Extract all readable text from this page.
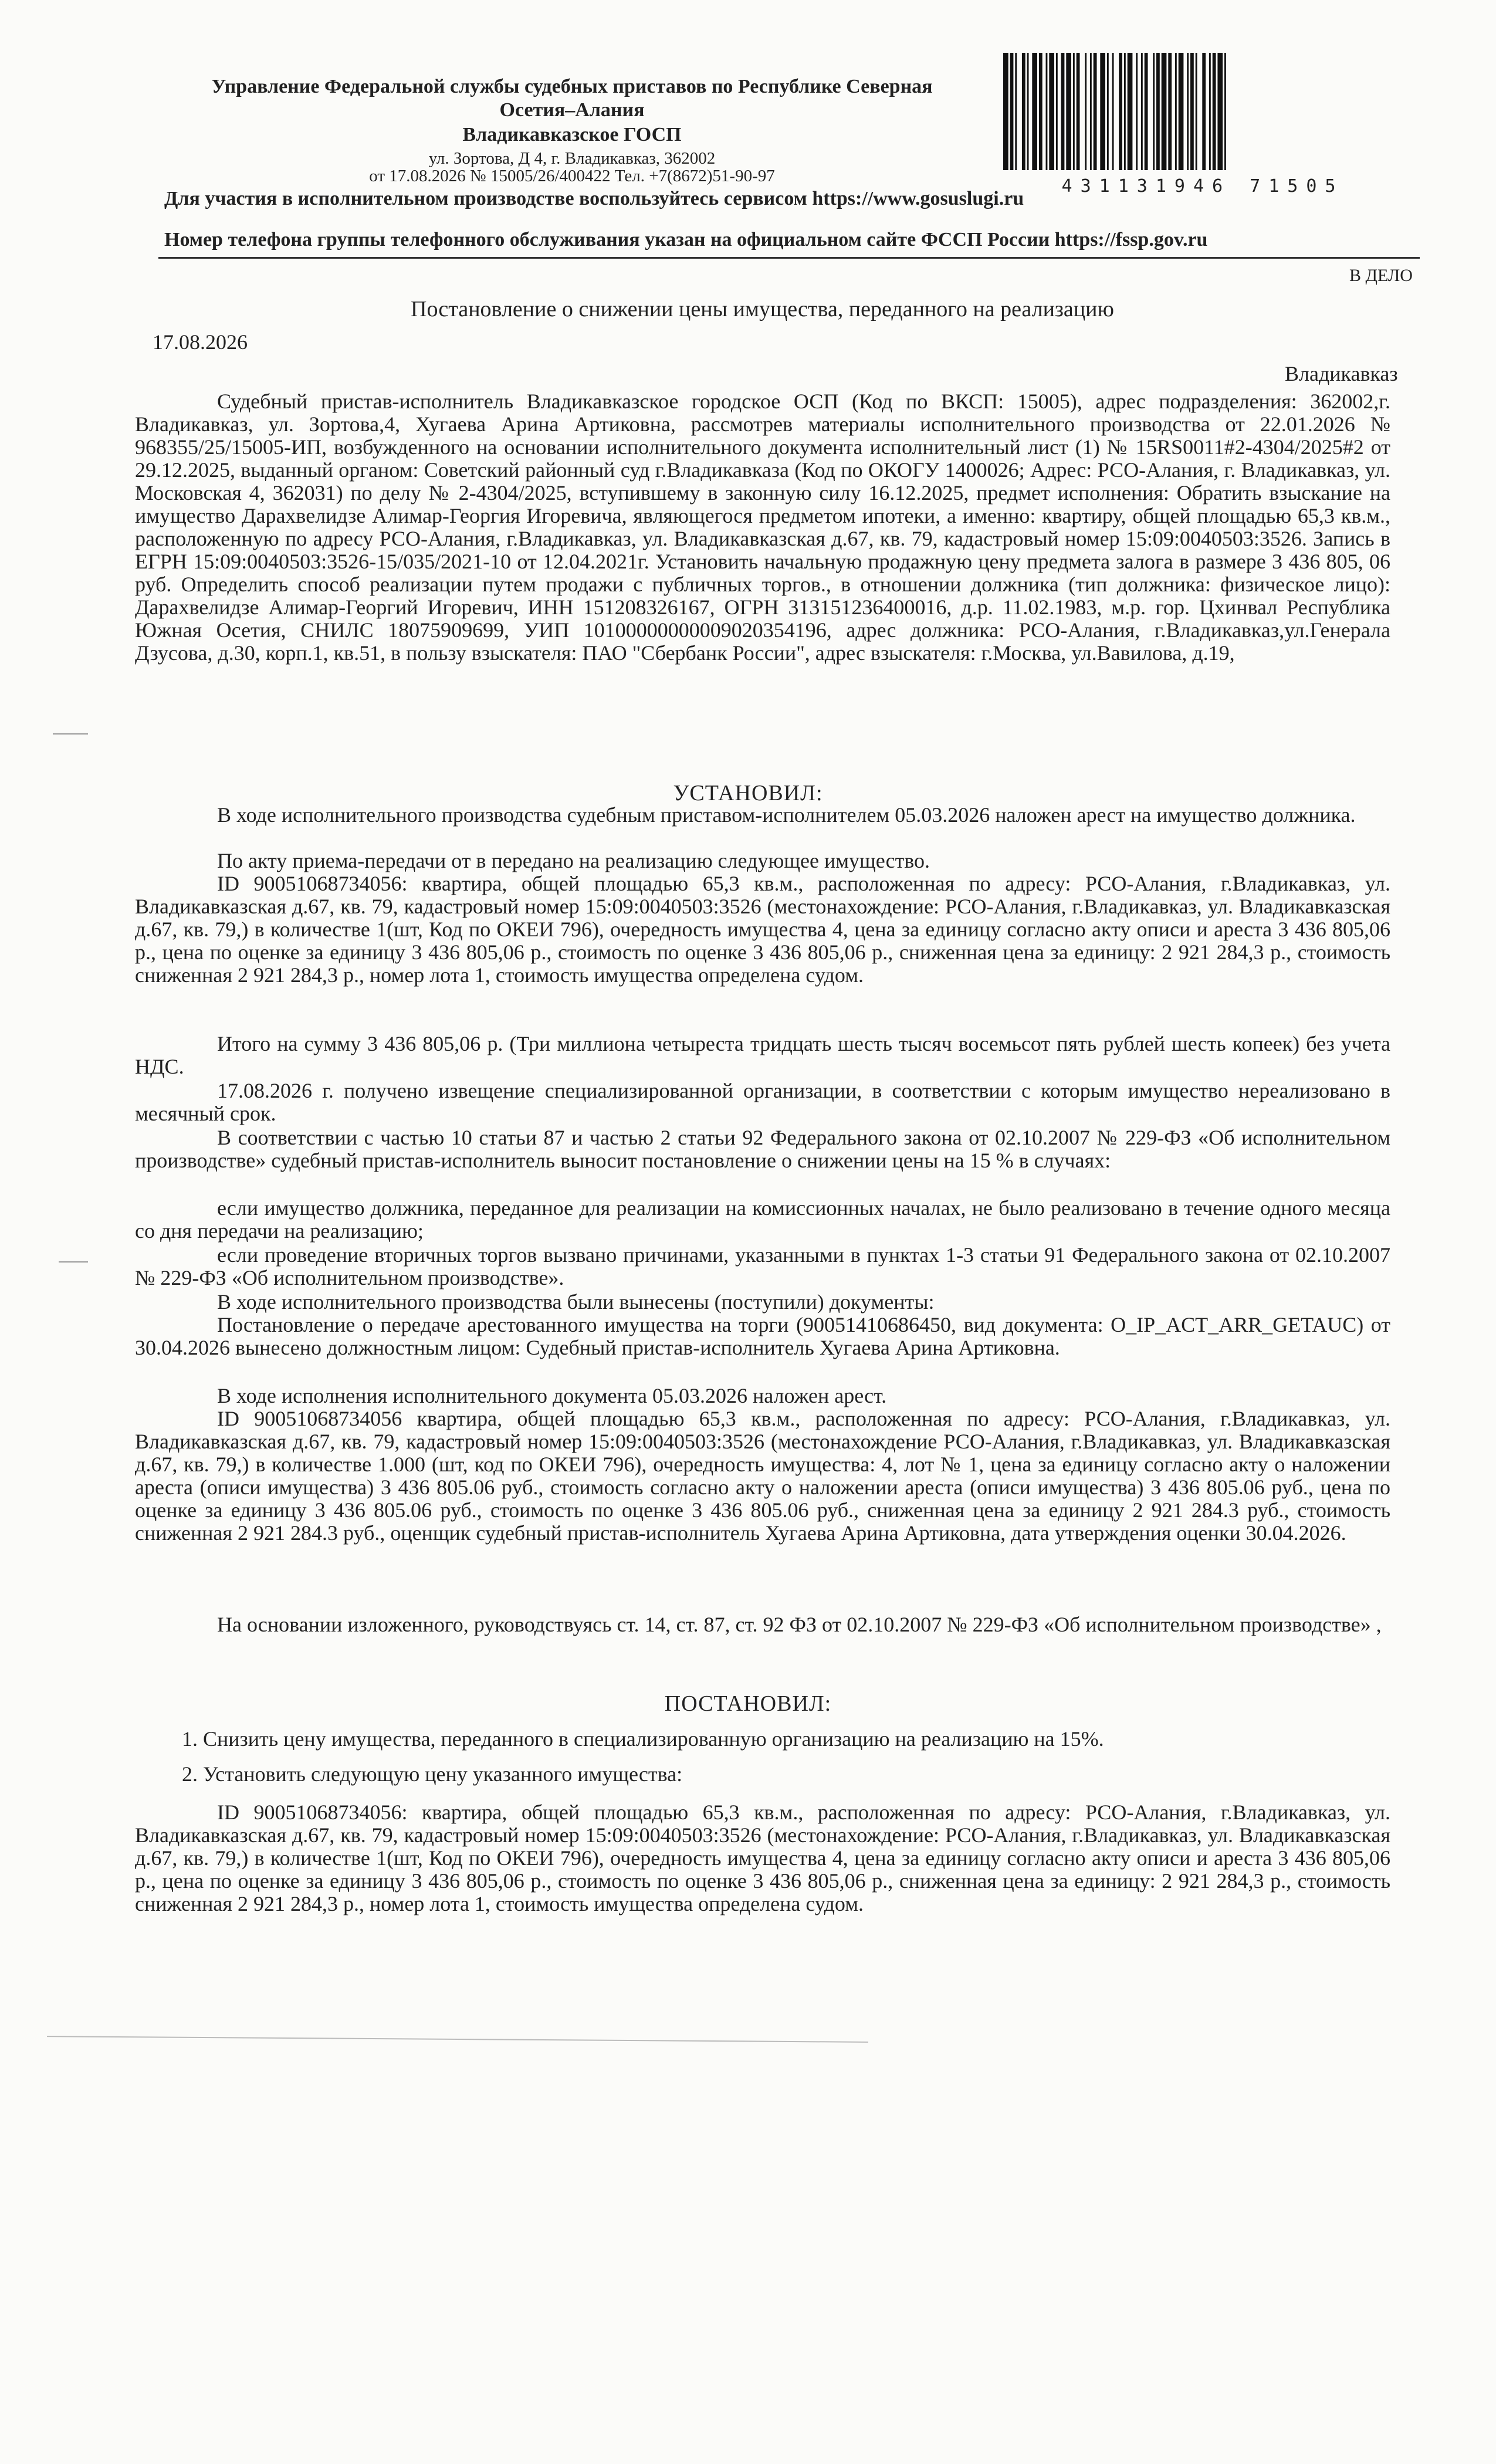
Управление Федеральной службы судебных приставов по Республике Северная
Осетия–Алания
Владикавказское ГОСП
ул. Зортова, Д 4, г. Владикавказ, 362002
от 17.08.2026 № 15005/26/400422 Тел. +7(8672)51-90-97	431131946 71505
Для участия в исполнительном производстве воспользуйтесь сервисом https://www.gosuslugi.ru
Номер телефона группы телефонного обслуживания указан на официальном сайте ФССП России https://fssp.gov.ru
В ДЕЛО
Постановление о снижении цены имущества, переданного на реализацию
17.08.2026
Владикавказ
Судебный пристав-исполнитель Владикавказское городское ОСП (Код по ВКСП: 15005), адрес подразделения: 362002,г. Владикавказ, ул. Зортова,4, Хугаева Арина Артиковна, рассмотрев материалы исполнительного производства от 22.01.2026 № 968355/25/15005-ИП, возбужденного на основании исполнительного документа исполнительный лист (1) № 15RS0011#2-4304/2025#2 от 29.12.2025, выданный органом: Советский районный суд г.Владикавказа (Код по ОКОГУ 1400026; Адрес: РСО-Алания, г. Владикавказ, ул. Московская 4, 362031) по делу № 2-4304/2025, вступившему в законную силу 16.12.2025, предмет исполнения: Обратить взыскание на имущество Дарахвелидзе Алимар-Георгия Игоревича, являющегося предметом ипотеки, а именно: квартиру, общей площадью 65,3 кв.м., расположенную по адресу РСО-Алания, г.Владикавказ, ул. Владикавказская д.67, кв. 79, кадастровый номер 15:09:0040503:3526. Запись в ЕГРН 15:09:0040503:3526-15/035/2021-10 от 12.04.2021г. Установить начальную продажную цену предмета залога в размере 3 436 805, 06 руб. Определить способ реализации путем продажи с публичных торгов., в отношении должника (тип должника: физическое лицо): Дарахвелидзе Алимар-Георгий Игоревич, ИНН 151208326167, ОГРН 313151236400016, д.р. 11.02.1983, м.р. гор. Цхинвал Республика Южная Осетия, СНИЛС 18075909699, УИП 10100000000009020354196, адрес должника: РСО-Алания, г.Владикавказ,ул.Генерала Дзусова, д.30, корп.1, кв.51, в пользу взыскателя: ПАО "Сбербанк России", адрес взыскателя: г.Москва, ул.Вавилова, д.19,
УСТАНОВИЛ:
В ходе исполнительного производства судебным приставом-исполнителем 05.03.2026 наложен арест на имущество должника.
По акту приема-передачи от в передано на реализацию следующее имущество.
ID 90051068734056: квартира, общей площадью 65,3 кв.м., расположенная по адресу: РСО-Алания, г.Владикавказ, ул. Владикавказская д.67, кв. 79, кадастровый номер 15:09:0040503:3526 (местонахождение: РСО-Алания, г.Владикавказ, ул. Владикавказская д.67, кв. 79,) в количестве 1(шт, Код по ОКЕИ 796), очередность имущества 4, цена за единицу согласно акту описи и ареста 3 436 805,06 р., цена по оценке за единицу 3 436 805,06 р., стоимость по оценке 3 436 805,06 р., сниженная цена за единицу: 2 921 284,3 р., стоимость сниженная 2 921 284,3 р., номер лота 1, стоимость имущества определена судом.
Итого на сумму 3 436 805,06 р. (Три миллиона четыреста тридцать шесть тысяч восемьсот пять рублей шесть копеек) без учета НДС.
17.08.2026 г. получено извещение специализированной организации, в соответствии с которым имущество нереализовано в месячный срок.
В соответствии с частью 10 статьи 87 и частью 2 статьи 92 Федерального закона от 02.10.2007 № 229-ФЗ «Об исполнительном производстве» судебный пристав-исполнитель выносит постановление о снижении цены на 15 % в случаях:
если имущество должника, переданное для реализации на комиссионных началах, не было реализовано в течение одного месяца со дня передачи на реализацию;
если проведение вторичных торгов вызвано причинами, указанными в пунктах 1-3 статьи 91 Федерального закона от 02.10.2007 № 229-ФЗ «Об исполнительном производстве».
В ходе исполнительного производства были вынесены (поступили) документы:
Постановление о передаче арестованного имущества на торги (90051410686450, вид документа: O_IP_ACT_ARR_GETAUC) от 30.04.2026 вынесено должностным лицом: Судебный пристав-исполнитель Хугаева Арина Артиковна.
В ходе исполнения исполнительного документа 05.03.2026 наложен арест.
ID 90051068734056 квартира, общей площадью 65,3 кв.м., расположенная по адресу: РСО-Алания, г.Владикавказ, ул. Владикавказская д.67, кв. 79, кадастровый номер 15:09:0040503:3526 (местонахождение РСО-Алания, г.Владикавказ, ул. Владикавказская д.67, кв. 79,) в количестве 1.000 (шт, код по ОКЕИ 796), очередность имущества: 4, лот № 1, цена за единицу согласно акту о наложении ареста (описи имущества) 3 436 805.06 руб., стоимость согласно акту о наложении ареста (описи имущества) 3 436 805.06 руб., цена по оценке за единицу 3 436 805.06 руб., стоимость по оценке 3 436 805.06 руб., сниженная цена за единицу 2 921 284.3 руб., стоимость сниженная 2 921 284.3 руб., оценщик судебный пристав-исполнитель Хугаева Арина Артиковна, дата утверждения оценки 30.04.2026.
На основании изложенного, руководствуясь ст. 14, ст. 87, ст. 92 ФЗ от 02.10.2007 № 229-ФЗ «Об исполнительном производстве» ,
ПОСТАНОВИЛ:
1. Снизить цену имущества, переданного в специализированную организацию на реализацию на 15%.
2. Установить следующую цену указанного имущества:
ID 90051068734056: квартира, общей площадью 65,3 кв.м., расположенная по адресу: РСО-Алания, г.Владикавказ, ул. Владикавказская д.67, кв. 79, кадастровый номер 15:09:0040503:3526 (местонахождение: РСО-Алания, г.Владикавказ, ул. Владикавказская д.67, кв. 79,) в количестве 1(шт, Код по ОКЕИ 796), очередность имущества 4, цена за единицу согласно акту описи и ареста 3 436 805,06 р., цена по оценке за единицу 3 436 805,06 р., стоимость по оценке 3 436 805,06 р., сниженная цена за единицу: 2 921 284,3 р., стоимость сниженная 2 921 284,3 р., номер лота 1, стоимость имущества определена судом.
